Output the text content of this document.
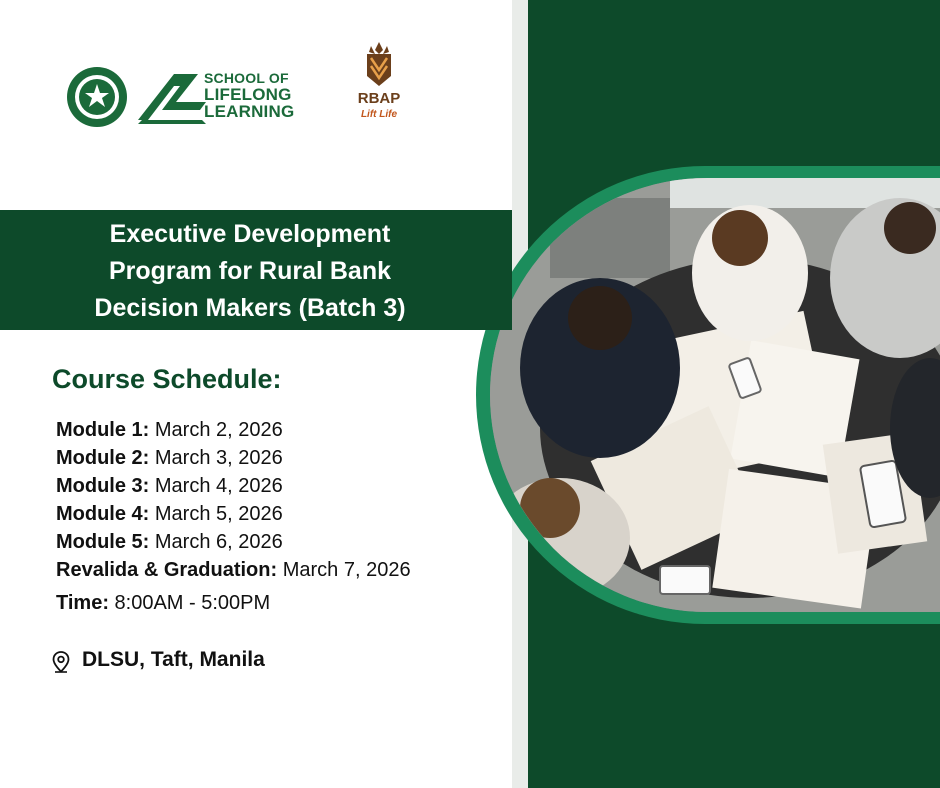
SCHOOL OF
LIFELONG
LEARNING
RBAP
Lift Life
Executive Development
Program for Rural Bank
Decision Makers (Batch 3)
Course Schedule:
Module 1: March 2, 2026
Module 2: March 3, 2026
Module 3: March 4, 2026
Module 4: March 5, 2026
Module 5: March 6, 2026
Revalida & Graduation: March 7, 2026
Time: 8:00AM - 5:00PM
DLSU, Taft, Manila
